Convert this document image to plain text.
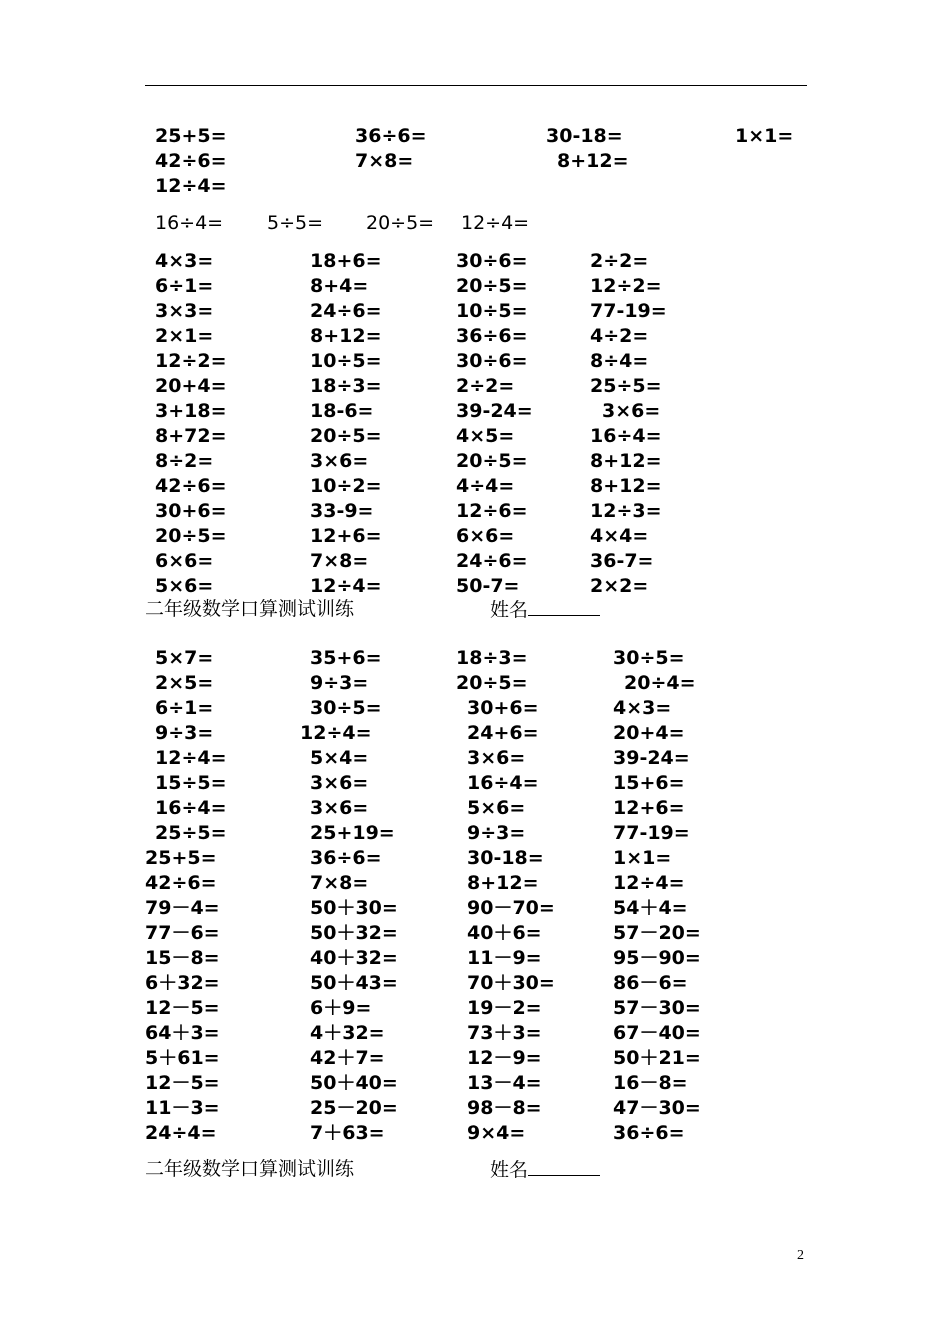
25+5=	36÷6=	30-18=	1×1=
42÷6=	7×8=	8+12=
12÷4=
16÷4= 5÷5= 20÷5= 12÷4=
4×3=	18+6=	30÷6=	2÷2=
6÷1=	8+4=	20÷5=	12÷2=
3×3=	24÷6=	10÷5=	77-19=
2×1=	8+12=	36÷6=	4÷2=
12÷2=	10÷5=	30÷6=	8÷4=
20+4=	18÷3=	2÷2=	25÷5=
3+18=	18-6=	39-24=	3×6=
8+72=	20÷5=	4×5=	16÷4=
8÷2=	3×6=	20÷5=	8+12=
42÷6=	10÷2=	4÷4=	8+12=
30+6=	33-9=	12÷6=	12÷3=
20÷5=	12+6=	6×6=	4×4=
6×6=	7×8=	24÷6=	36-7=
5×6=	12÷4=	50-7=	2×2=
二年级数学口算测试训练	姓名
5×7=	35+6=	18÷3=	30÷5=
2×5=	9÷3=	20÷5=	20÷4=
6÷1=	30÷5=	30+6=	4×3=
9÷3=	12÷4=	24+6=	20+4=
12÷4=	5×4=	3×6=	39-24=
15÷5=	3×6=	16÷4=	15+6=
16÷4=	3×6=	5×6=	12+6=
25÷5=	25+19=	9÷3=	77-19=
25+5=	36÷6=	30-18=	1×1=
42÷6=	7×8=	8+12=	12÷4=
79－4=	50＋30=	90－70=	54＋4=
77－6=	50＋32=	40＋6=	57－20=
15－8=	40＋32=	11－9=	95－90=
6＋32=	50＋43=	70＋30=	86－6=
12－5=	6＋9=	19－2=	57－30=
64＋3=	4＋32=	73＋3=	67－40=
5＋61=	42＋7=	12－9=	50＋21=
12－5=	50＋40=	13－4=	16－8=
11－3=	25－20=	98－8=	47－30=
24÷4=	7＋63=	9×4=	36÷6=
二年级数学口算测试训练	姓名
2
